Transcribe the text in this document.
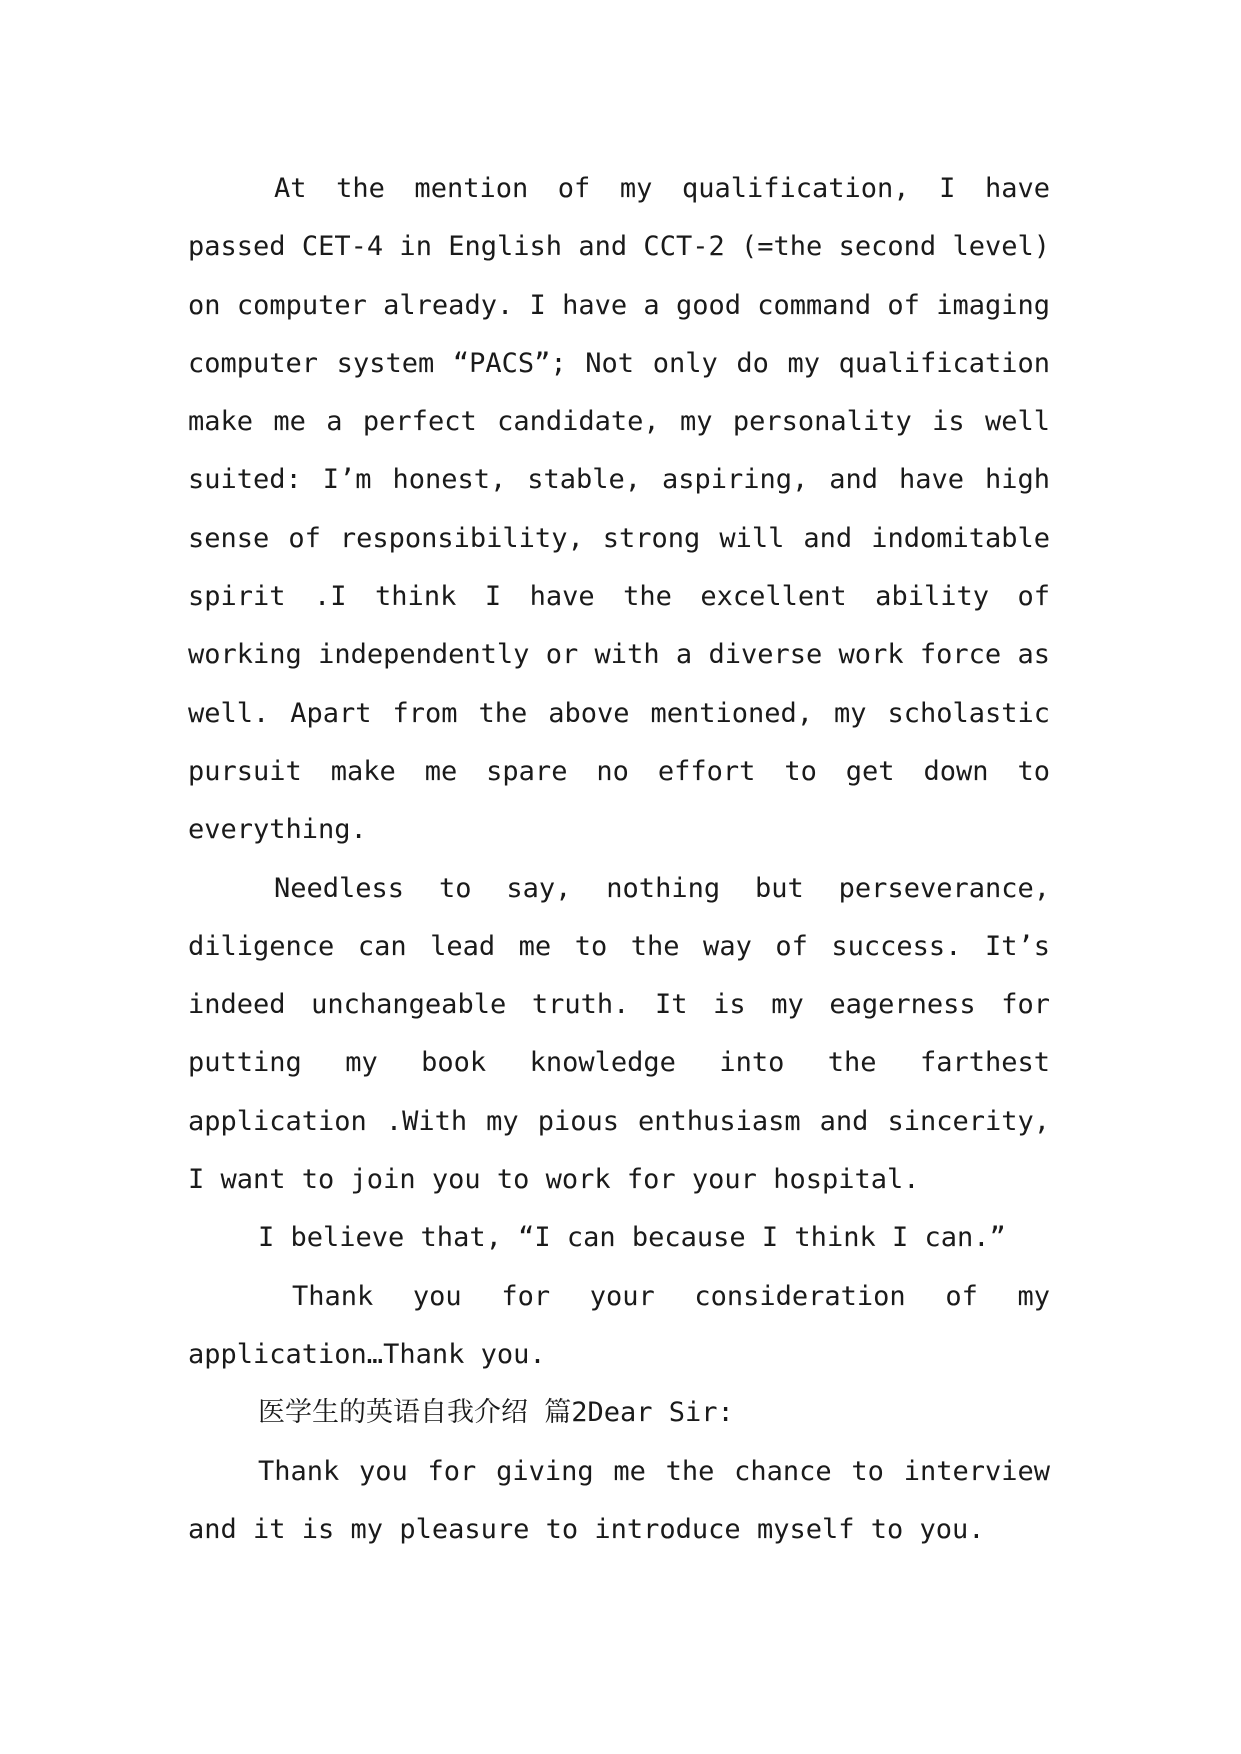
At the mention of my qualification, I have passed CET-4 in English and CCT-2 (=the second level) on computer already. I have a good command of imaging computer system “PACS”; Not only do my qualification make me a perfect candidate, my personality is well suited: I’m honest, stable, aspiring, and have high sense of responsibility, strong will and indomitable spirit .I think I have the excellent ability of working independently or with a diverse work force as well. Apart from the above mentioned, my scholastic pursuit make me spare no effort to get down to everything.

Needless to say, nothing but perseverance, diligence can lead me to the way of success. It’s indeed unchangeable truth. It is my eagerness for putting my book knowledge into the farthest application .With my pious enthusiasm and sincerity, I want to join you to work for your hospital.

I believe that, “I can because I think I can.”

Thank you for your consideration of my application…Thank you.

医学生的英语自我介绍 篇2Dear Sir:

Thank you for giving me the chance to interview and it is my pleasure to introduce myself to you.
